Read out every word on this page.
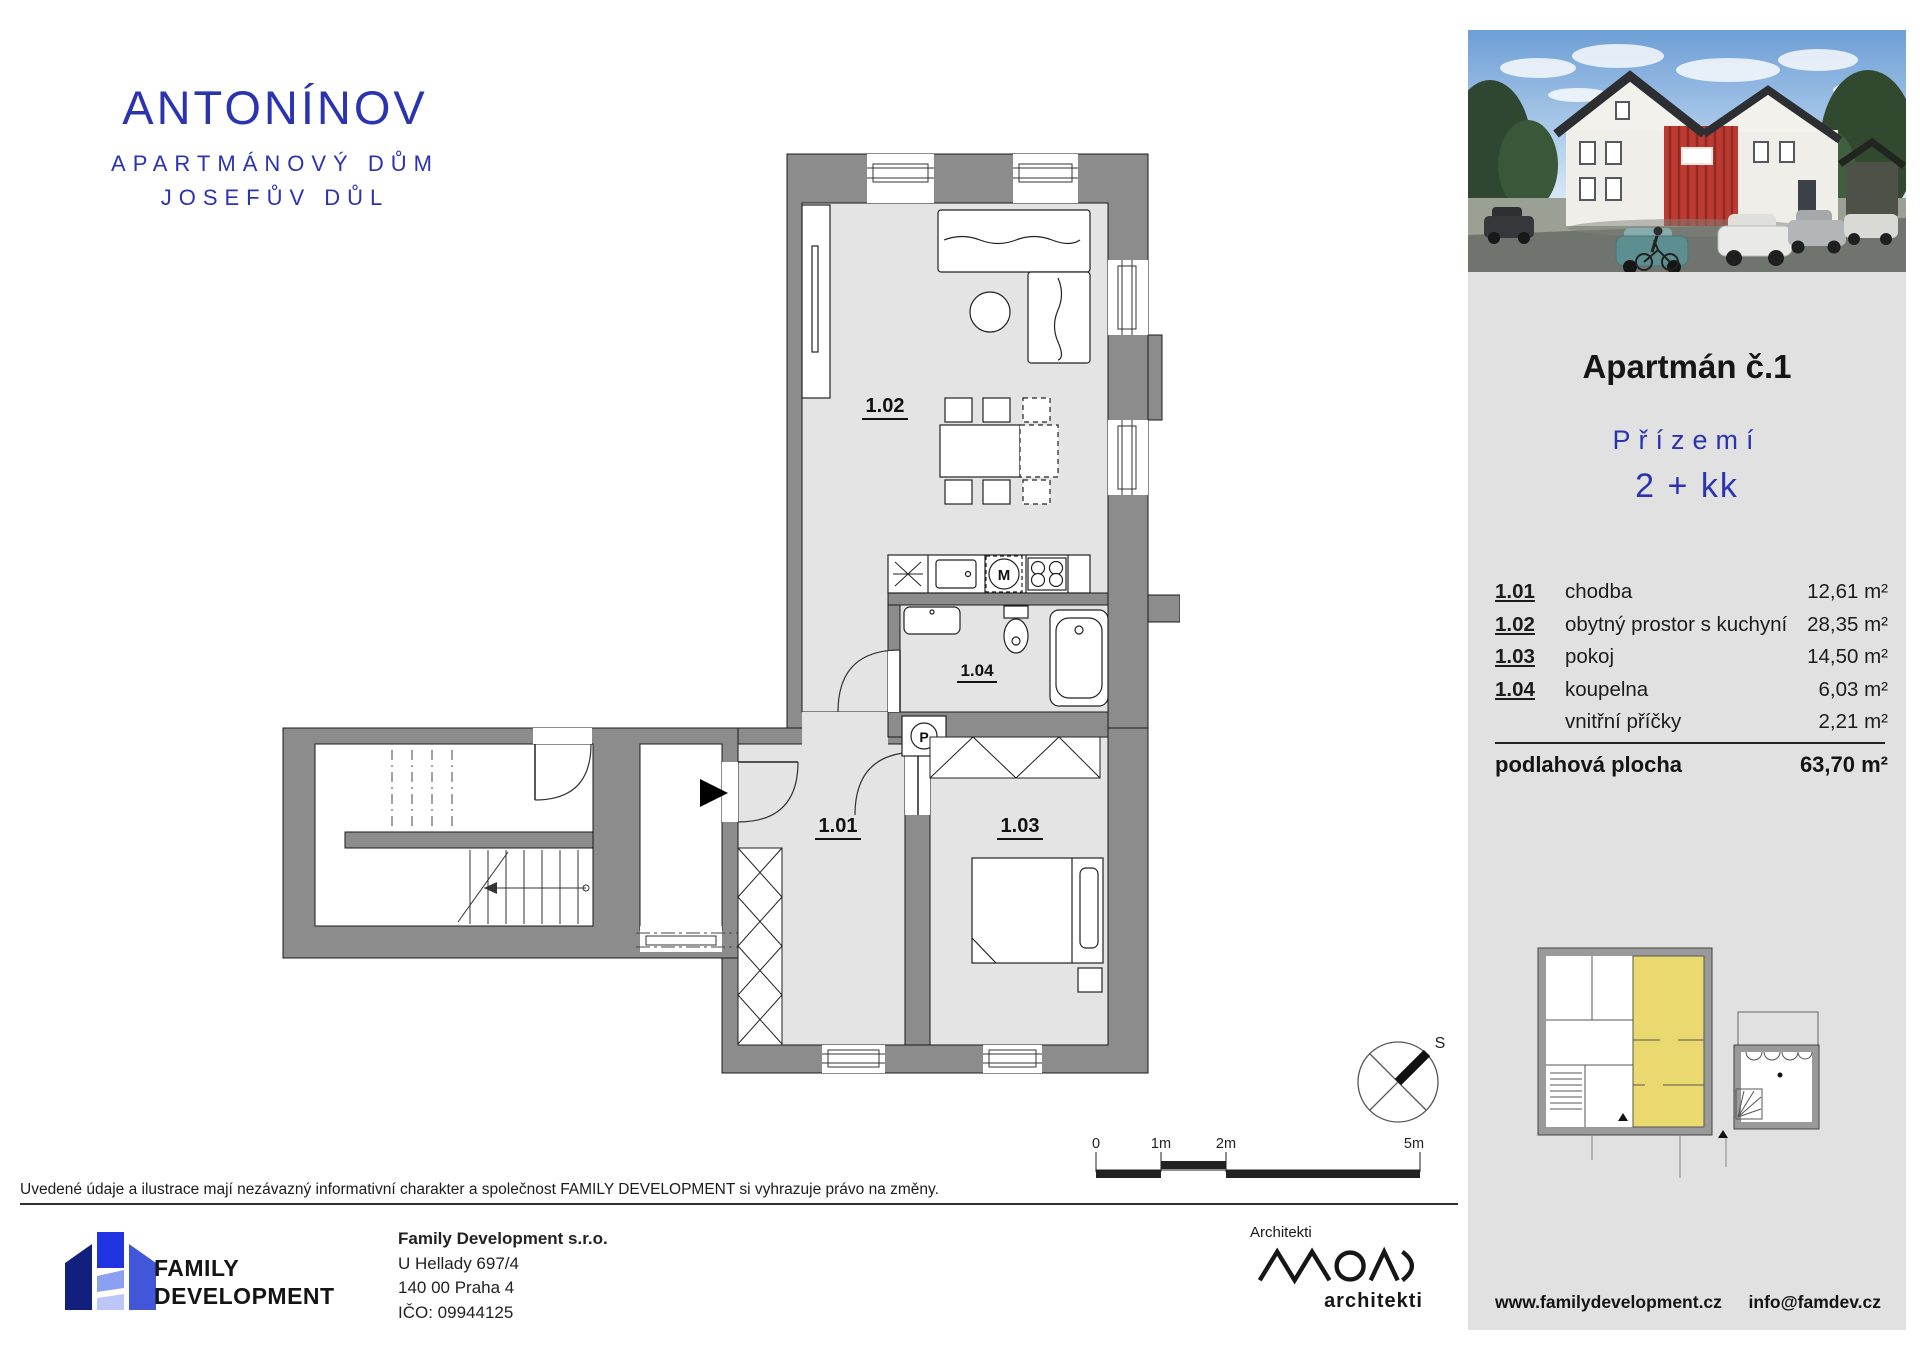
ANTONÍNOV
APARTMÁNOVÝ DŮM
JOSEFŮV DŮL
1.02
1.01	1.03
1.04
M
P
S
0	1m	2m	5m
Apartmán č.1
Přízemí
2 + kk
1.01	chodba	12,61 m²
1.02	obytný prostor s kuchyní 28,35 m²
1.03	pokoj	14,50 m²
1.04	koupelna	6,03 m²
vnitřní příčky	2,21 m²
podlahová plocha	63,70 m²
www.familydevelopment.cz info@famdev.cz
Uvedené údaje a ilustrace mají nezávazný informativní charakter a společnost FAMILY DEVELOPMENT si vyhrazuje právo na změny.
FAMILY
DEVELOPMENT
Family Development s.r.o.
U Hellady 697/4
140 00 Praha 4
IČO: 09944125
Architekti
architekti
